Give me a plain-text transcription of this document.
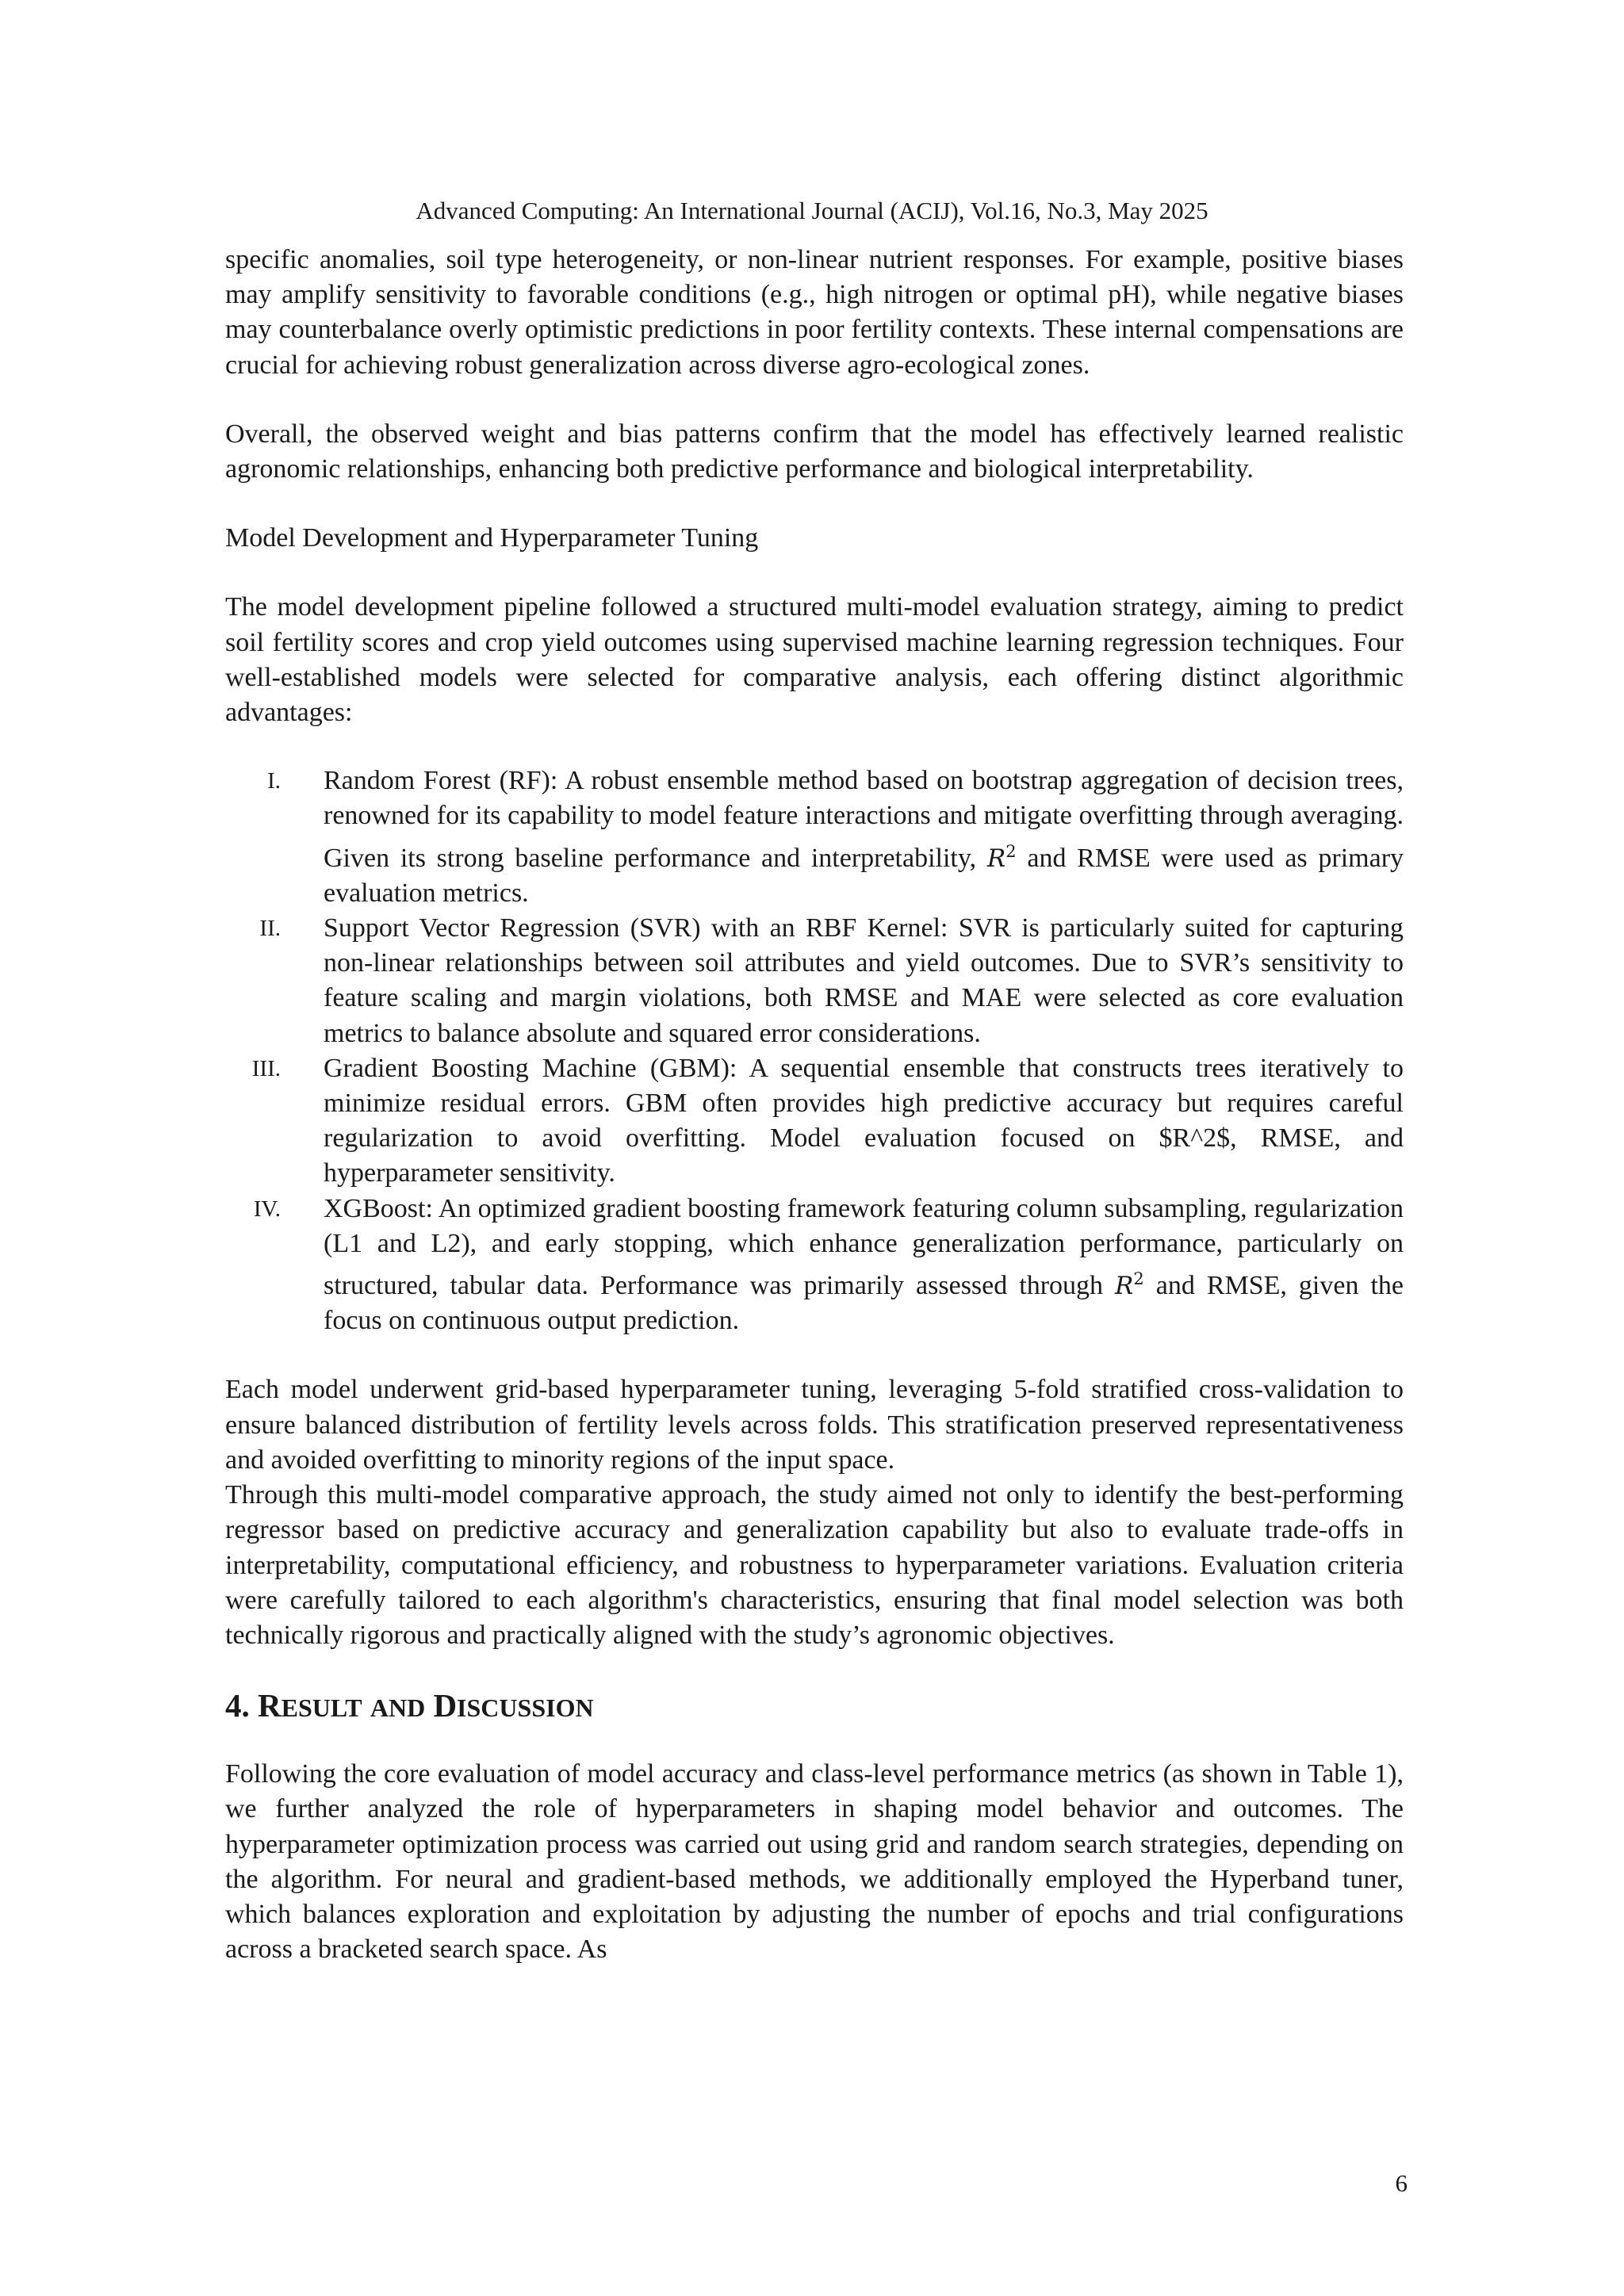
Advanced Computing: An International Journal (ACIJ), Vol.16, No.3, May 2025

specific anomalies, soil type heterogeneity, or non-linear nutrient responses. For example, positive biases may amplify sensitivity to favorable conditions (e.g., high nitrogen or optimal pH), while negative biases may counterbalance overly optimistic predictions in poor fertility contexts. These internal compensations are crucial for achieving robust generalization across diverse agro-ecological zones.

Overall, the observed weight and bias patterns confirm that the model has effectively learned realistic agronomic relationships, enhancing both predictive performance and biological interpretability.

Model Development and Hyperparameter Tuning

The model development pipeline followed a structured multi-model evaluation strategy, aiming to predict soil fertility scores and crop yield outcomes using supervised machine learning regression techniques. Four well-established models were selected for comparative analysis, each offering distinct algorithmic advantages:

I. Random Forest (RF): A robust ensemble method based on bootstrap aggregation of decision trees, renowned for its capability to model feature interactions and mitigate overfitting through averaging. Given its strong baseline performance and interpretability, $R^2$ and RMSE were used as primary evaluation metrics.
II. Support Vector Regression (SVR) with an RBF Kernel: SVR is particularly suited for capturing non-linear relationships between soil attributes and yield outcomes. Due to SVR’s sensitivity to feature scaling and margin violations, both RMSE and MAE were selected as core evaluation metrics to balance absolute and squared error considerations.
III. Gradient Boosting Machine (GBM): A sequential ensemble that constructs trees iteratively to minimize residual errors. GBM often provides high predictive accuracy but requires careful regularization to avoid overfitting. Model evaluation focused on $R^2$, RMSE, and hyperparameter sensitivity.
IV. XGBoost: An optimized gradient boosting framework featuring column subsampling, regularization (L1 and L2), and early stopping, which enhance generalization performance, particularly on structured, tabular data. Performance was primarily assessed through $R^2$ and RMSE, given the focus on continuous output prediction.

Each model underwent grid-based hyperparameter tuning, leveraging 5-fold stratified cross-validation to ensure balanced distribution of fertility levels across folds. This stratification preserved representativeness and avoided overfitting to minority regions of the input space.

Through this multi-model comparative approach, the study aimed not only to identify the best-performing regressor based on predictive accuracy and generalization capability but also to evaluate trade-offs in interpretability, computational efficiency, and robustness to hyperparameter variations. Evaluation criteria were carefully tailored to each algorithm's characteristics, ensuring that final model selection was both technically rigorous and practically aligned with the study’s agronomic objectives.

4. RESULT AND DISCUSSION

Following the core evaluation of model accuracy and class-level performance metrics (as shown in Table 1), we further analyzed the role of hyperparameters in shaping model behavior and outcomes. The hyperparameter optimization process was carried out using grid and random search strategies, depending on the algorithm. For neural and gradient-based methods, we additionally employed the Hyperband tuner, which balances exploration and exploitation by adjusting the number of epochs and trial configurations across a bracketed search space. As

6
